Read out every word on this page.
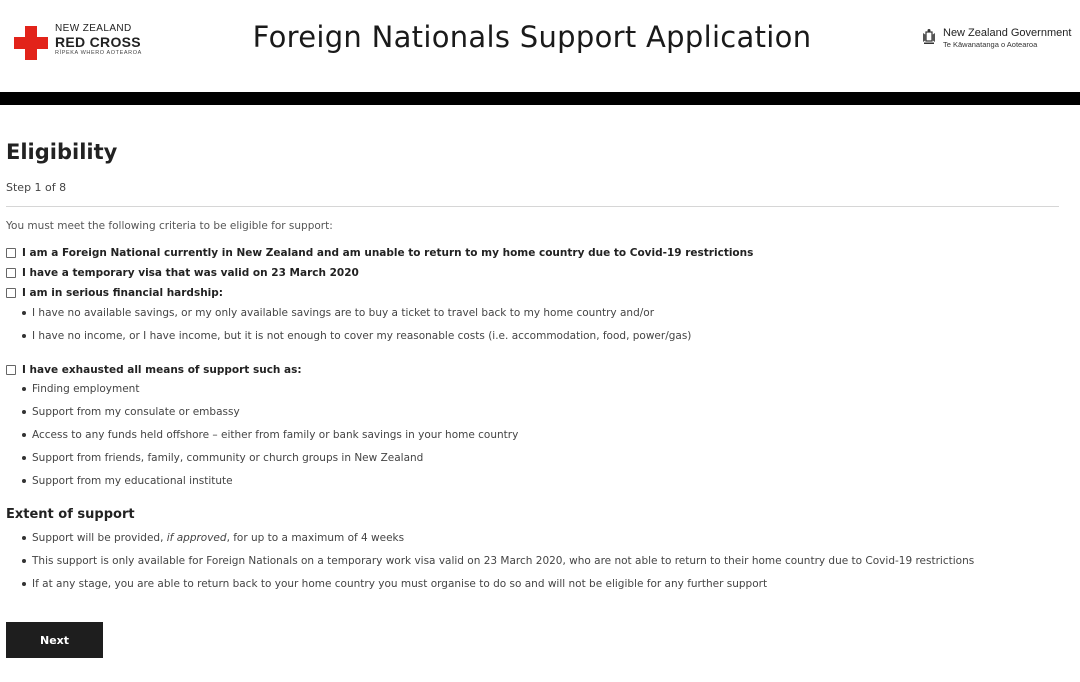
NEW ZEALAND
RED CROSS
RĪPEKA WHERO AOTEAROA	Foreign Nationals Support Application	New Zealand Government
Te Kāwanatanga o Aotearoa
Eligibility
Step 1 of 8
You must meet the following criteria to be eligible for support:
I am a Foreign National currently in New Zealand and am unable to return to my home country due to Covid-19 restrictions
I have a temporary visa that was valid on 23 March 2020
I am in serious financial hardship:
I have no available savings, or my only available savings are to buy a ticket to travel back to my home country and/or
I have no income, or I have income, but it is not enough to cover my reasonable costs (i.e. accommodation, food, power/gas)
I have exhausted all means of support such as:
Finding employment
Support from my consulate or embassy
Access to any funds held offshore – either from family or bank savings in your home country
Support from friends, family, community or church groups in New Zealand
Support from my educational institute
Extent of support
Support will be provided, if approved, for up to a maximum of 4 weeks
This support is only available for Foreign Nationals on a temporary work visa valid on 23 March 2020, who are not able to return to their home country due to Covid-19 restrictions
If at any stage, you are able to return back to your home country you must organise to do so and will not be eligible for any further support
Next
